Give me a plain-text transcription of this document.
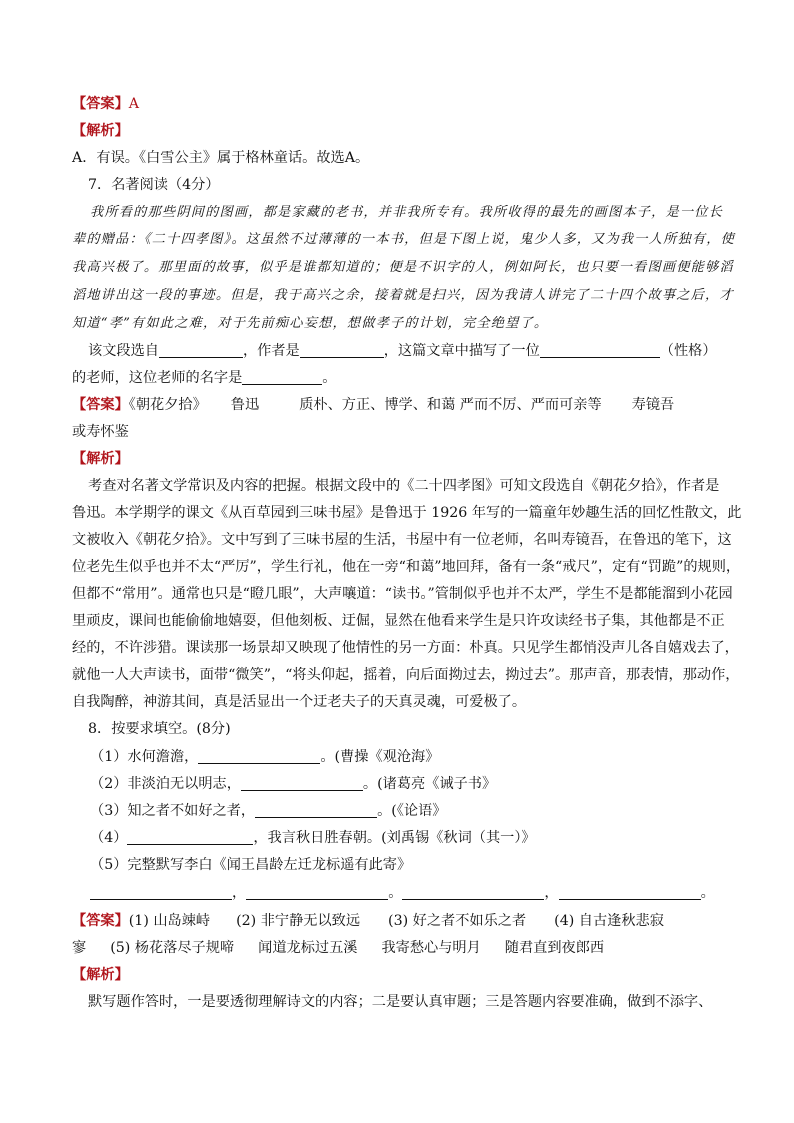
【答案】A
【解析】
A．有误。《白雪公主》属于格林童话。故选A。
7．名著阅读（4分）
我所看的那些阴间的图画，都是家藏的老书，并非我所专有。我所收得的最先的画图本子，是一位长
辈的赠品：《二十四孝图》。这虽然不过薄薄的一本书，但是下图上说，鬼少人多，又为我一人所独有，使
我高兴极了。那里面的故事，似乎是谁都知道的；便是不识字的人，例如阿长，也只要一看图画便能够滔
滔地讲出这一段的事迹。但是，我于高兴之余，接着就是扫兴，因为我请人讲完了二十四个故事之后，才
知道“孝”有如此之难，对于先前痴心妄想，想做孝子的计划，完全绝望了。
该文段选自	，作者是	，这篇文章中描写了一位	（性格）
的老师，这位老师的名字是	。
【答案】《朝花夕拾》 鲁迅	质朴、方正、博学、和蔼 严而不厉、严而可亲等 寿镜吾
或寿怀鉴
【解析】
考查对名著文学常识及内容的把握。根据文段中的《二十四孝图》可知文段选自《朝花夕拾》，作者是
鲁迅。本学期学的课文《从百草园到三味书屋》是鲁迅于 1926 年写的一篇童年妙趣生活的回忆性散文，此
文被收入《朝花夕拾》。文中写到了三味书屋的生活，书屋中有一位老师，名叫寿镜吾，在鲁迅的笔下，这
位老先生似乎也并不太“严厉”，学生行礼，他在一旁“和蔼”地回拜，备有一条“戒尺”，定有“罚跪”的规则，
但都不“常用”。通常也只是“瞪几眼”，大声嚷道：“读书。”管制似乎也并不太严，学生不是都能溜到小花园
里顽皮，课间也能偷偷地嬉耍，但他刻板、迂倔，显然在他看来学生是只许攻读经书子集，其他都是不正
经的，不许涉猎。课读那一场景却又映现了他情性的另一方面：朴真。只见学生都悄没声儿各自嬉戏去了，
就他一人大声读书，面带“微笑”，“将头仰起，摇着，向后面拗过去，拗过去”。那声音，那表情，那动作，
自我陶醉，神游其间，真是活显出一个迂老夫子的天真灵魂，可爱极了。
8．按要求填空。(8分)
（1）水何澹澹，	。(曹操《观沧海》
（2）非淡泊无以明志，	。(诸葛亮《诫子书》
（3）知之者不如好之者，	。(《论语》
（4）	，我言秋日胜春朝。(刘禹锡《秋词（其一）》
（5）完整默写李白《闻王昌龄左迁龙标遥有此寄》
，	。	，	。
【答案】(1) 山岛竦峙 (2) 非宁静无以致远 (3) 好之者不如乐之者 (4) 自古逢秋悲寂
寥 (5) 杨花落尽子规啼 闻道龙标过五溪 我寄愁心与明月 随君直到夜郎西
【解析】
默写题作答时，一是要透彻理解诗文的内容；二是要认真审题；三是答题内容要准确，做到不添字、
